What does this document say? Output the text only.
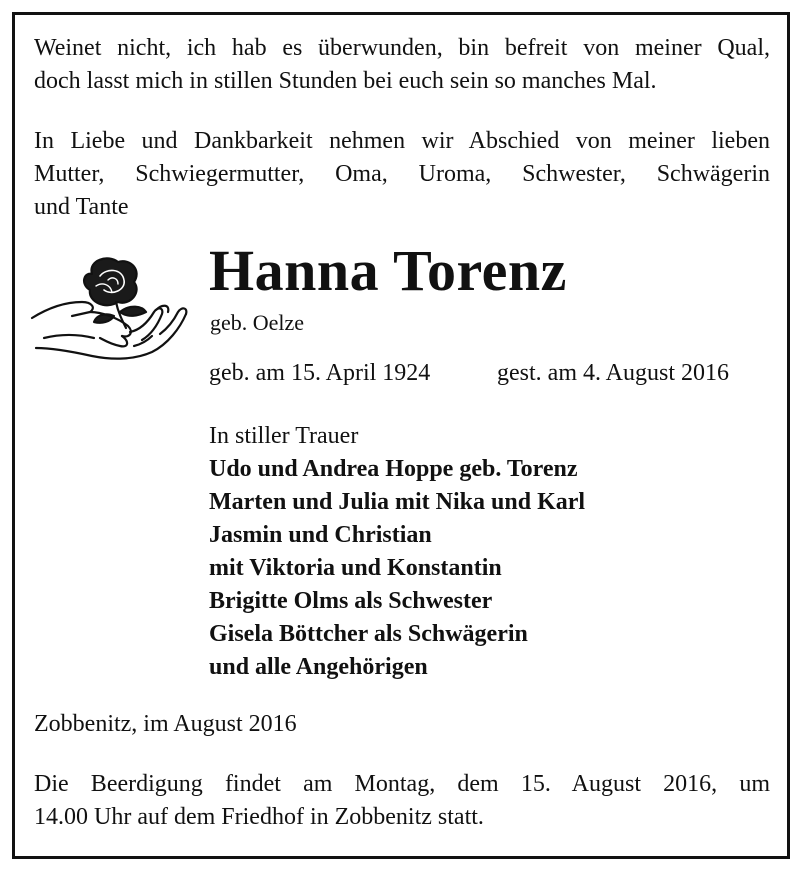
Weinet nicht, ich hab es überwunden, bin befreit von meiner Qual,
doch lasst mich in stillen Stunden bei euch sein so manches Mal.
In Liebe und Dankbarkeit nehmen wir Abschied von meiner lieben
Mutter, Schwiegermutter, Oma, Uroma, Schwester, Schwägerin
und Tante
Hanna Torenz
geb. Oelze
geb. am 15. April 1924	gest. am 4. August 2016
In stiller Trauer
Udo und Andrea Hoppe geb. Torenz
Marten und Julia mit Nika und Karl
Jasmin und Christian
mit Viktoria und Konstantin
Brigitte Olms als Schwester
Gisela Böttcher als Schwägerin
und alle Angehörigen
Zobbenitz, im August 2016
Die Beerdigung findet am Montag, dem 15. August 2016, um
14.00 Uhr auf dem Friedhof in Zobbenitz statt.
